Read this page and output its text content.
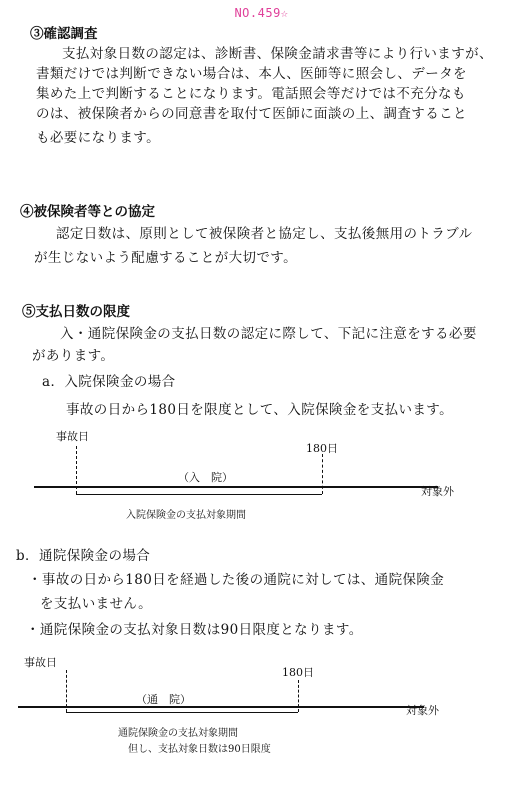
NO.459☆
③確認調査
支払対象日数の認定は、診断書、保険金請求書等により行いますが、
書類だけでは判断できない場合は、本人、医師等に照会し、データを
集めた上で判断することになります。電話照会等だけでは不充分なも
のは、被保険者からの同意書を取付て医師に面談の上、調査すること
も必要になります。
④被保険者等との協定
認定日数は、原則として被保険者と協定し、支払後無用のトラブル
が生じないよう配慮することが大切です。
⑤支払日数の限度
入・通院保険金の支払日数の認定に際して、下記に注意をする必要
があります。
a．入院保険金の場合
事故の日から180日を限度として、入院保険金を支払います。
事故日
180日
（入　院）
対象外
入院保険金の支払対象期間
b．通院保険金の場合
・事故の日から180日を経過した後の通院に対しては、通院保険金
を支払いません。
・通院保険金の支払対象日数は90日限度となります。
事故日
180日
（通　院）
対象外
通院保険金の支払対象期間
但し、支払対象日数は90日限度
